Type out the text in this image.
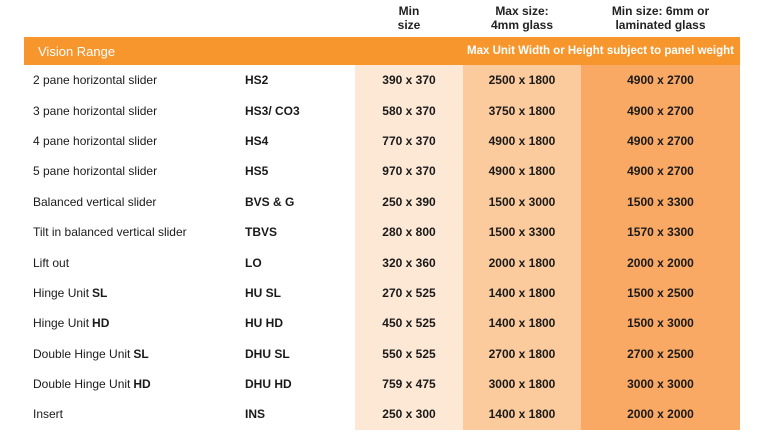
Min
size
Max size:
4mm glass
Min size: 6mm or
laminated glass
Vision Range	Max Unit Width or Height subject to panel weight
2 pane horizontal slider	HS2	390 x 370	2500 x 1800	4900 x 2700
3 pane horizontal slider	HS3/ CO3	580 x 370	3750 x 1800	4900 x 2700
4 pane horizontal slider	HS4	770 x 370	4900 x 1800	4900 x 2700
5 pane horizontal slider	HS5	970 x 370	4900 x 1800	4900 x 2700
Balanced vertical slider	BVS & G	250 x 390	1500 x 3000	1500 x 3300
Tilt in balanced vertical slider	TBVS	280 x 800	1500 x 3300	1570 x 3300
Lift out	LO	320 x 360	2000 x 1800	2000 x 2000
Hinge Unit SL	HU SL	270 x 525	1400 x 1800	1500 x 2500
Hinge Unit HD	HU HD	450 x 525	1400 x 1800	1500 x 3000
Double Hinge Unit SL	DHU SL	550 x 525	2700 x 1800	2700 x 2500
Double Hinge Unit HD	DHU HD	759 x 475	3000 x 1800	3000 x 3000
Insert	INS	250 x 300	1400 x 1800	2000 x 2000
